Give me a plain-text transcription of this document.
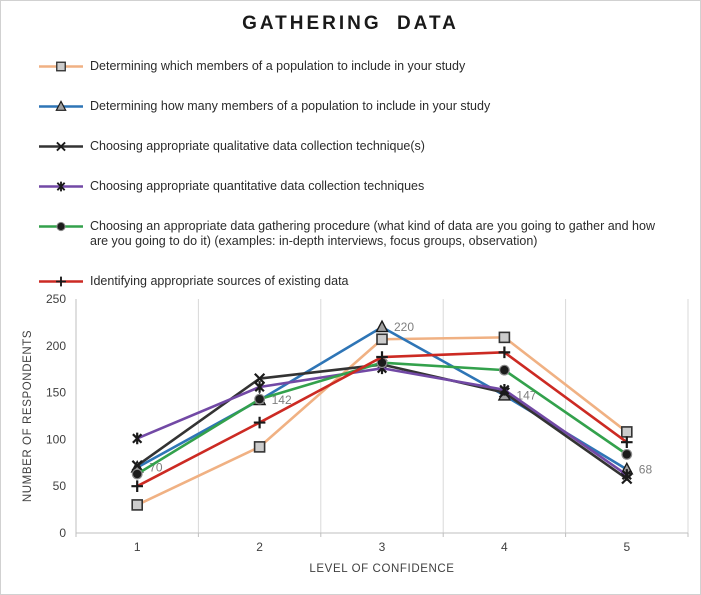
GATHERING DATA
Determining which members of a population to include in your study
Determining how many members of a population to include in your study
Choosing appropriate qualitative data collection technique(s)
Choosing appropriate quantitative data collection techniques
Choosing an appropriate data gathering procedure (what kind of data are you going to gather and how are you going to do it) (examples: in-depth interviews, focus groups, observation)
Identifying appropriate sources of existing data
0
50
100
150
200
250
1	2	3	4	5
LEVEL OF CONFIDENCE
NUMBER OF RESPONDENTS	70
142
220
147
68
